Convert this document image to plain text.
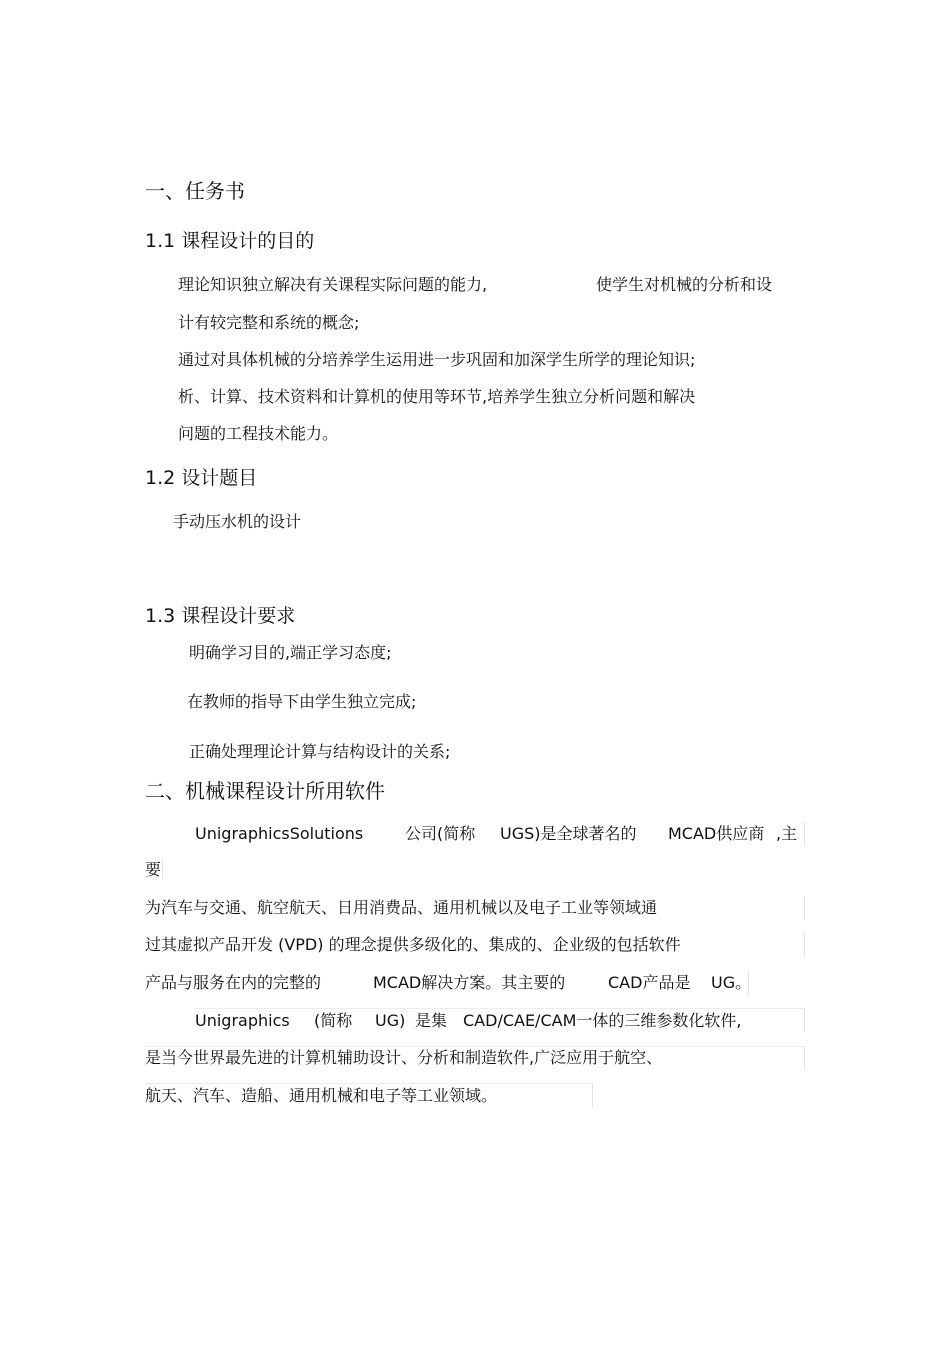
一、任务书
1.1 课程设计的目的
理论知识独立解决有关课程实际问题的能力,	使学生对机械的分析和设
计有较完整和系统的概念;
通过对具体机械的分培养学生运用进一步巩固和加深学生所学的理论知识;
析、计算、技术资料和计算机的使用等环节,培养学生独立分析问题和解决
问题的工程技术能力。
1.2 设计题目
手动压水机的设计
1.3 课程设计要求
明确学习目的,端正学习态度;
在教师的指导下由学生独立完成;
正确处理理论计算与结构设计的关系;
二、机械课程设计所用软件
UnigraphicsSolutions	公司(简称 UGS)是全球著名的 MCAD供应商 ,主
要
为汽车与交通、航空航天、日用消费品、通用机械以及电子工业等领域通
过其虚拟产品开发 (VPD) 的理念提供多级化的、集成的、企业级的包括软件
产品与服务在内的完整的	MCAD解决方案。其主要的	CAD产品是 UG。
Unigraphics (简称 UG) 是集 CAD/CAE/CAM一体的三维参数化软件,
是当今世界最先进的计算机辅助设计、分析和制造软件,广泛应用于航空、
航天、汽车、造船、通用机械和电子等工业领域。
